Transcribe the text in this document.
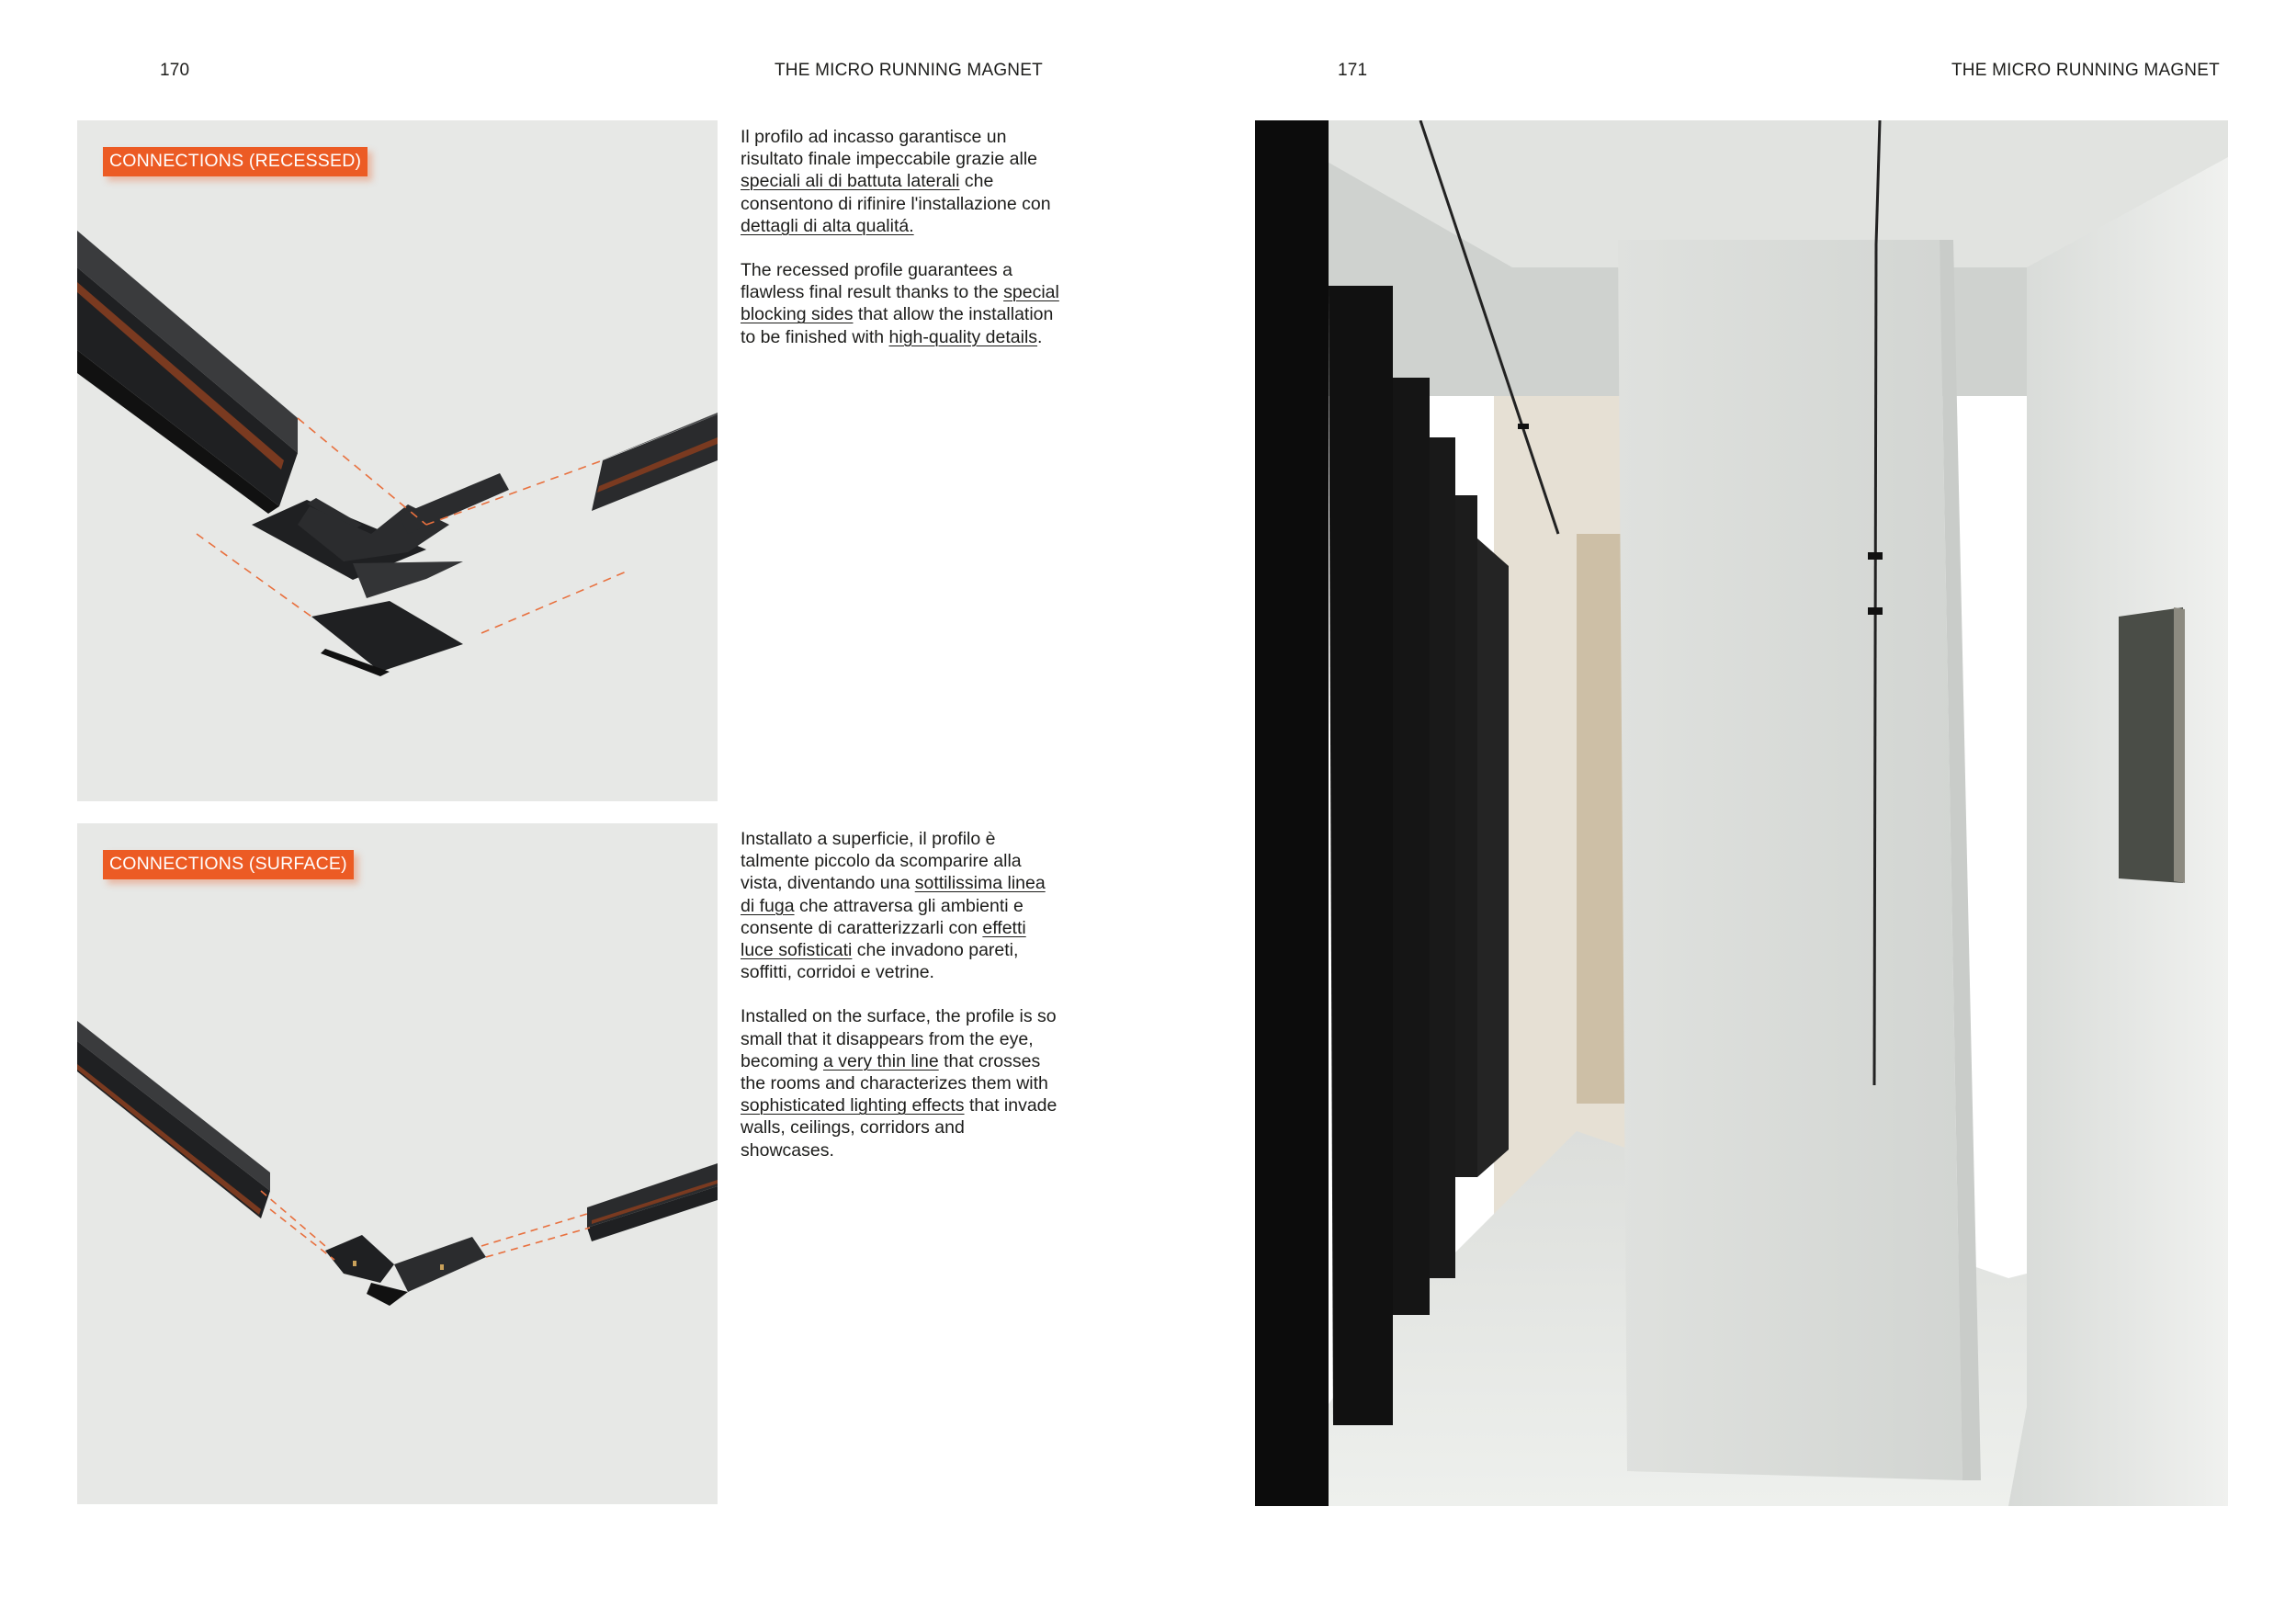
170	THE MICRO RUNNING MAGNET
CONNECTIONS (RECESSED)

Il profilo ad incasso garantisce un risultato finale impeccabile grazie alle speciali ali di battuta laterali che consentono di rifinire l'installazione con dettagli di alta qualitá.

The recessed profile guarantees a flawless final result thanks to the special blocking sides that allow the installation to be finished with high-quality details.

CONNECTIONS (SURFACE)

Installato a superficie, il profilo è talmente piccolo da scomparire alla vista, diventando una sottilissima linea di fuga che attraversa gli ambienti e consente di caratterizzarli con effetti luce sofisticati che invadono pareti, soffitti, corridoi e vetrine.

Installed on the surface, the profile is so small that it disappears from the eye, becoming a very thin line that crosses the rooms and characterizes them with sophisticated lighting effects that invade walls, ceilings, corridors and showcases.

171	THE MICRO RUNNING MAGNET
